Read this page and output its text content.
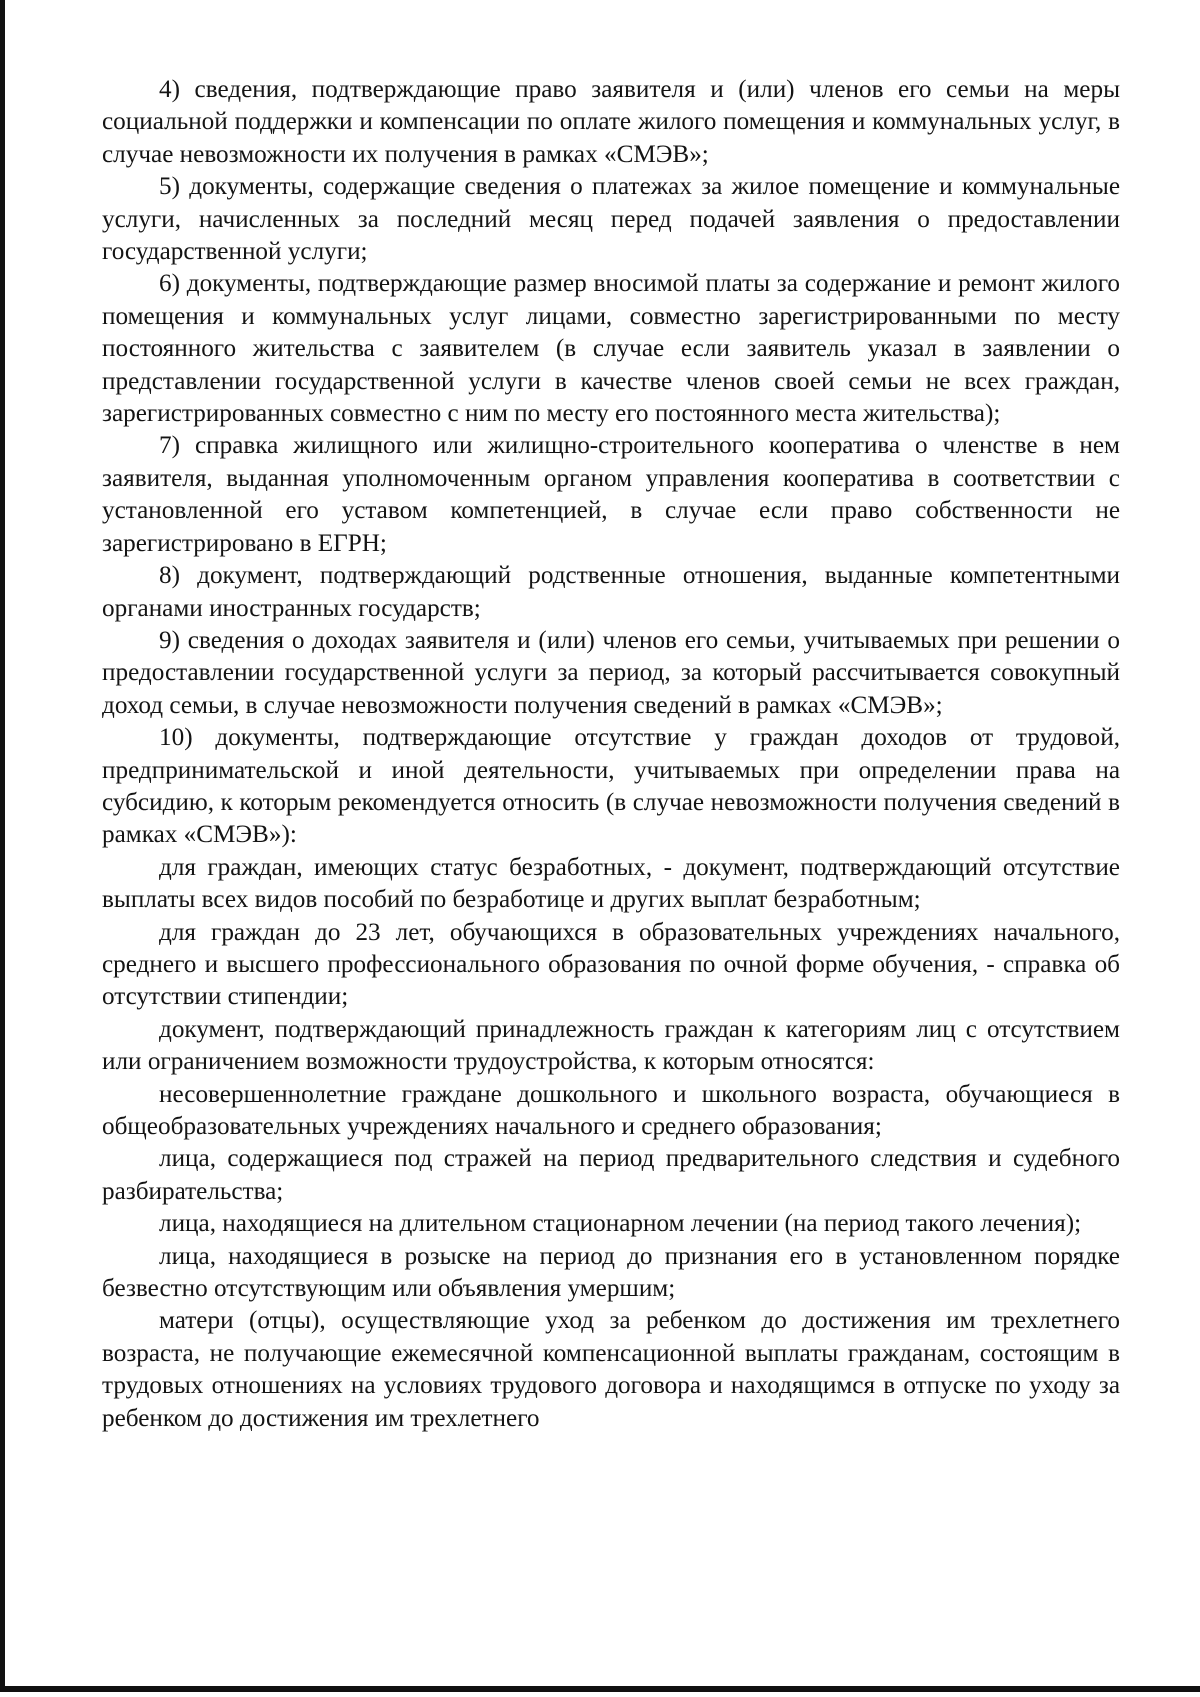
4) сведения, подтверждающие право заявителя и (или) членов его семьи на меры социальной поддержки и компенсации по оплате жилого помещения и коммунальных услуг, в случае невозможности их получения в рамках «СМЭВ»;

5) документы, содержащие сведения о платежах за жилое помещение и коммунальные услуги, начисленных за последний месяц перед подачей заявления о предоставлении государственной услуги;

6) документы, подтверждающие размер вносимой платы за содержание и ремонт жилого помещения и коммунальных услуг лицами, совместно зарегистрированными по месту постоянного жительства с заявителем (в случае если заявитель указал в заявлении о представлении государственной услуги в качестве членов своей семьи не всех граждан, зарегистрированных совместно с ним по месту его постоянного места жительства);

7) справка жилищного или жилищно-строительного кооператива о членстве в нем заявителя, выданная уполномоченным органом управления кооператива в соответствии с установленной его уставом компетенцией, в случае если право собственности не зарегистрировано в ЕГРН;

8) документ, подтверждающий родственные отношения, выданные компетентными органами иностранных государств;

9) сведения о доходах заявителя и (или) членов его семьи, учитываемых при решении о предоставлении государственной услуги за период, за который рассчитывается совокупный доход семьи, в случае невозможности получения сведений в рамках «СМЭВ»;

10) документы, подтверждающие отсутствие у граждан доходов от трудовой, предпринимательской и иной деятельности, учитываемых при определении права на субсидию, к которым рекомендуется относить (в случае невозможности получения сведений в рамках «СМЭВ»):

для граждан, имеющих статус безработных, - документ, подтверждающий отсутствие выплаты всех видов пособий по безработице и других выплат безработным;

для граждан до 23 лет, обучающихся в образовательных учреждениях начального, среднего и высшего профессионального образования по очной форме обучения, - справка об отсутствии стипендии;

документ, подтверждающий принадлежность граждан к категориям лиц с отсутствием или ограничением возможности трудоустройства, к которым относятся:

несовершеннолетние граждане дошкольного и школьного возраста, обучающиеся в общеобразовательных учреждениях начального и среднего образования;

лица, содержащиеся под стражей на период предварительного следствия и судебного разбирательства;

лица, находящиеся на длительном стационарном лечении (на период такого лечения);

лица, находящиеся в розыске на период до признания его в установленном порядке безвестно отсутствующим или объявления умершим;

матери (отцы), осуществляющие уход за ребенком до достижения им трехлетнего возраста, не получающие ежемесячной компенсационной выплаты гражданам, состоящим в трудовых отношениях на условиях трудового договора и находящимся в отпуске по уходу за ребенком до достижения им трехлетнего
